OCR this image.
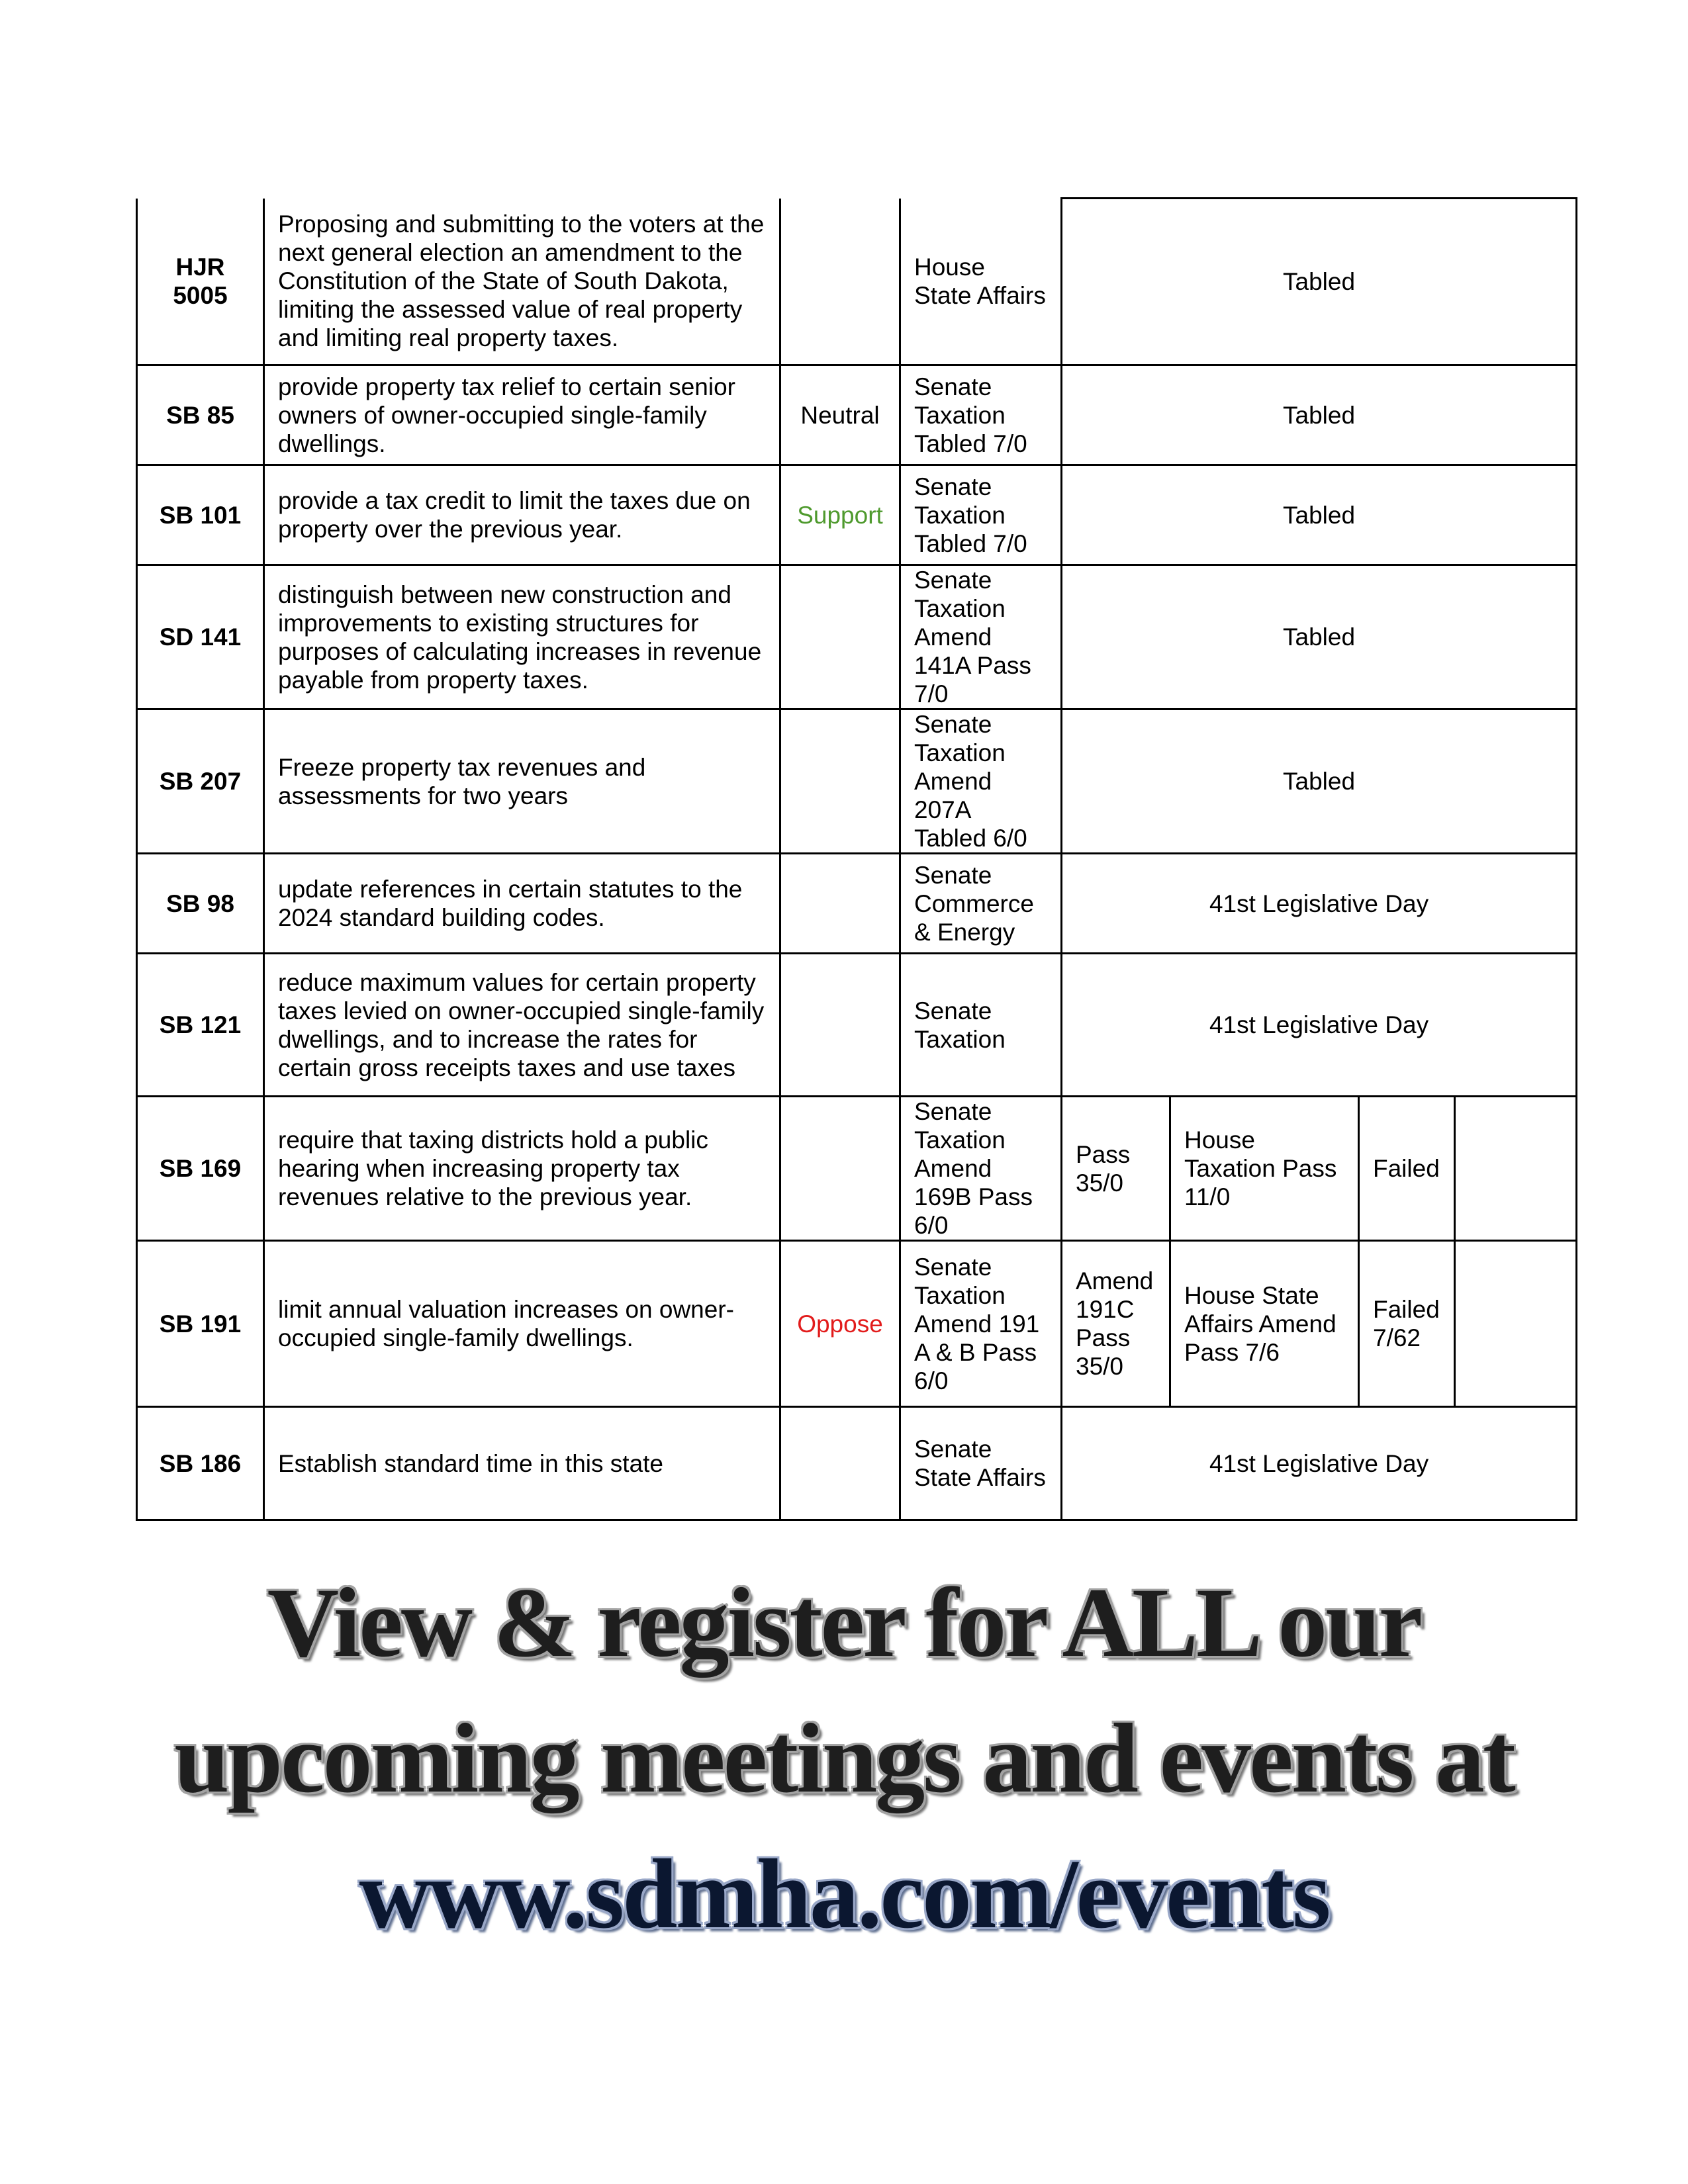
HJR 5005	Proposing and submitting to the voters at the next general election an amendment to the Constitution of the State of South Dakota, limiting the assessed value of real property and limiting real property taxes.		House State Affairs	Tabled			
SB 85	provide property tax relief to certain senior owners of owner-occupied single-family dwellings.	Neutral	Senate Taxation Tabled 7/0	Tabled			
SB 101	provide a tax credit to limit the taxes due on property over the previous year.	Support	Senate Taxation Tabled 7/0	Tabled			
SD 141	distinguish between new construction and improvements to existing structures for purposes of calculating increases in revenue payable from property taxes.		Senate Taxation Amend 141A Pass 7/0	Tabled			
SB 207	Freeze property tax revenues and assessments for two years		Senate Taxation Amend 207A Tabled 6/0	Tabled			
SB 98	update references in certain statutes to the 2024 standard building codes.		Senate Commerce & Energy	41st Legislative Day			
SB 121	reduce maximum values for certain property taxes levied on owner-occupied single-family dwellings, and to increase the rates for certain gross receipts taxes and use taxes		Senate Taxation	41st Legislative Day			
SB 169	require that taxing districts hold a public hearing when increasing property tax revenues relative to the previous year.		Senate Taxation Amend 169B Pass 6/0	Pass 35/0	House Taxation Pass 11/0	Failed	
SB 191	limit annual valuation increases on owner-occupied single-family dwellings.	Oppose	Senate Taxation Amend 191 A & B Pass 6/0	Amend 191C Pass 35/0	House State Affairs Amend Pass 7/6	Failed 7/62	
SB 186	Establish standard time in this state		Senate State Affairs	41st Legislative Day			
View & register for ALL our
upcoming meetings and events at
www.sdmha.com/events
